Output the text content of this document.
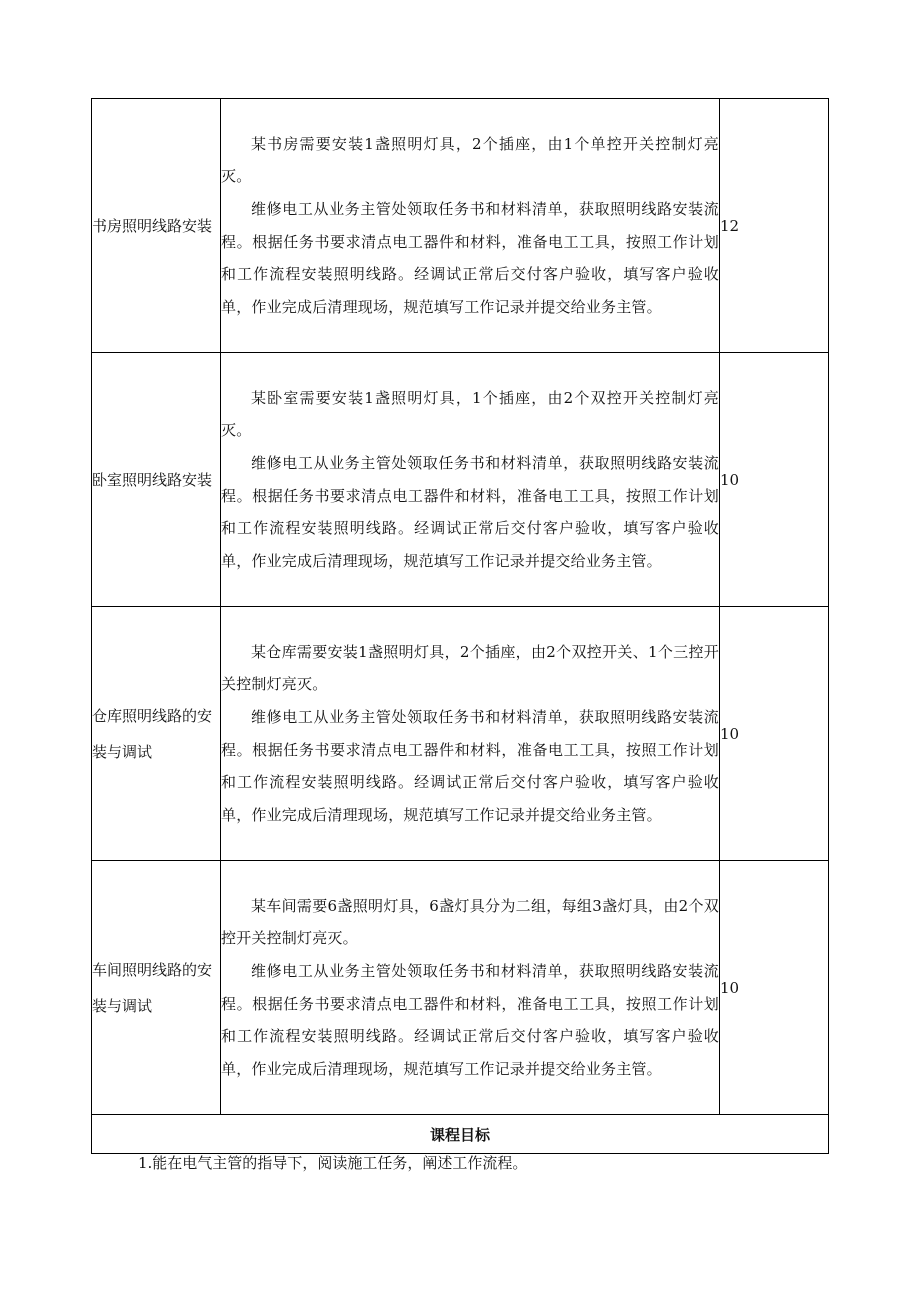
书房照明线路安装	某书房需要安装1盏照明灯具，2个插座，由1个单控开关控制灯亮灭。

维修电工从业务主管处领取任务书和材料清单，获取照明线路安装流程。根据任务书要求清点电工器件和材料，准备电工工具，按照工作计划和工作流程安装照明线路。经调试正常后交付客户验收，填写客户验收单，作业完成后清理现场，规范填写工作记录并提交给业务主管。	12
卧室照明线路安装	某卧室需要安装1盏照明灯具，1个插座，由2个双控开关控制灯亮灭。

维修电工从业务主管处领取任务书和材料清单，获取照明线路安装流程。根据任务书要求清点电工器件和材料，准备电工工具，按照工作计划和工作流程安装照明线路。经调试正常后交付客户验收，填写客户验收单，作业完成后清理现场，规范填写工作记录并提交给业务主管。	10
仓库照明线路的安装与调试	某仓库需要安装1盏照明灯具，2个插座，由2个双控开关、1个三控开关控制灯亮灭。

维修电工从业务主管处领取任务书和材料清单，获取照明线路安装流程。根据任务书要求清点电工器件和材料，准备电工工具，按照工作计划和工作流程安装照明线路。经调试正常后交付客户验收，填写客户验收单，作业完成后清理现场，规范填写工作记录并提交给业务主管。	10
车间照明线路的安装与调试	某车间需要6盏照明灯具，6盏灯具分为二组，每组3盏灯具，由2个双控开关控制灯亮灭。

维修电工从业务主管处领取任务书和材料清单，获取照明线路安装流程。根据任务书要求清点电工器件和材料，准备电工工具，按照工作计划和工作流程安装照明线路。经调试正常后交付客户验收，填写客户验收单，作业完成后清理现场，规范填写工作记录并提交给业务主管。	10
课程目标		
1.能在电气主管的指导下，阅读施工任务，阐述工作流程。
